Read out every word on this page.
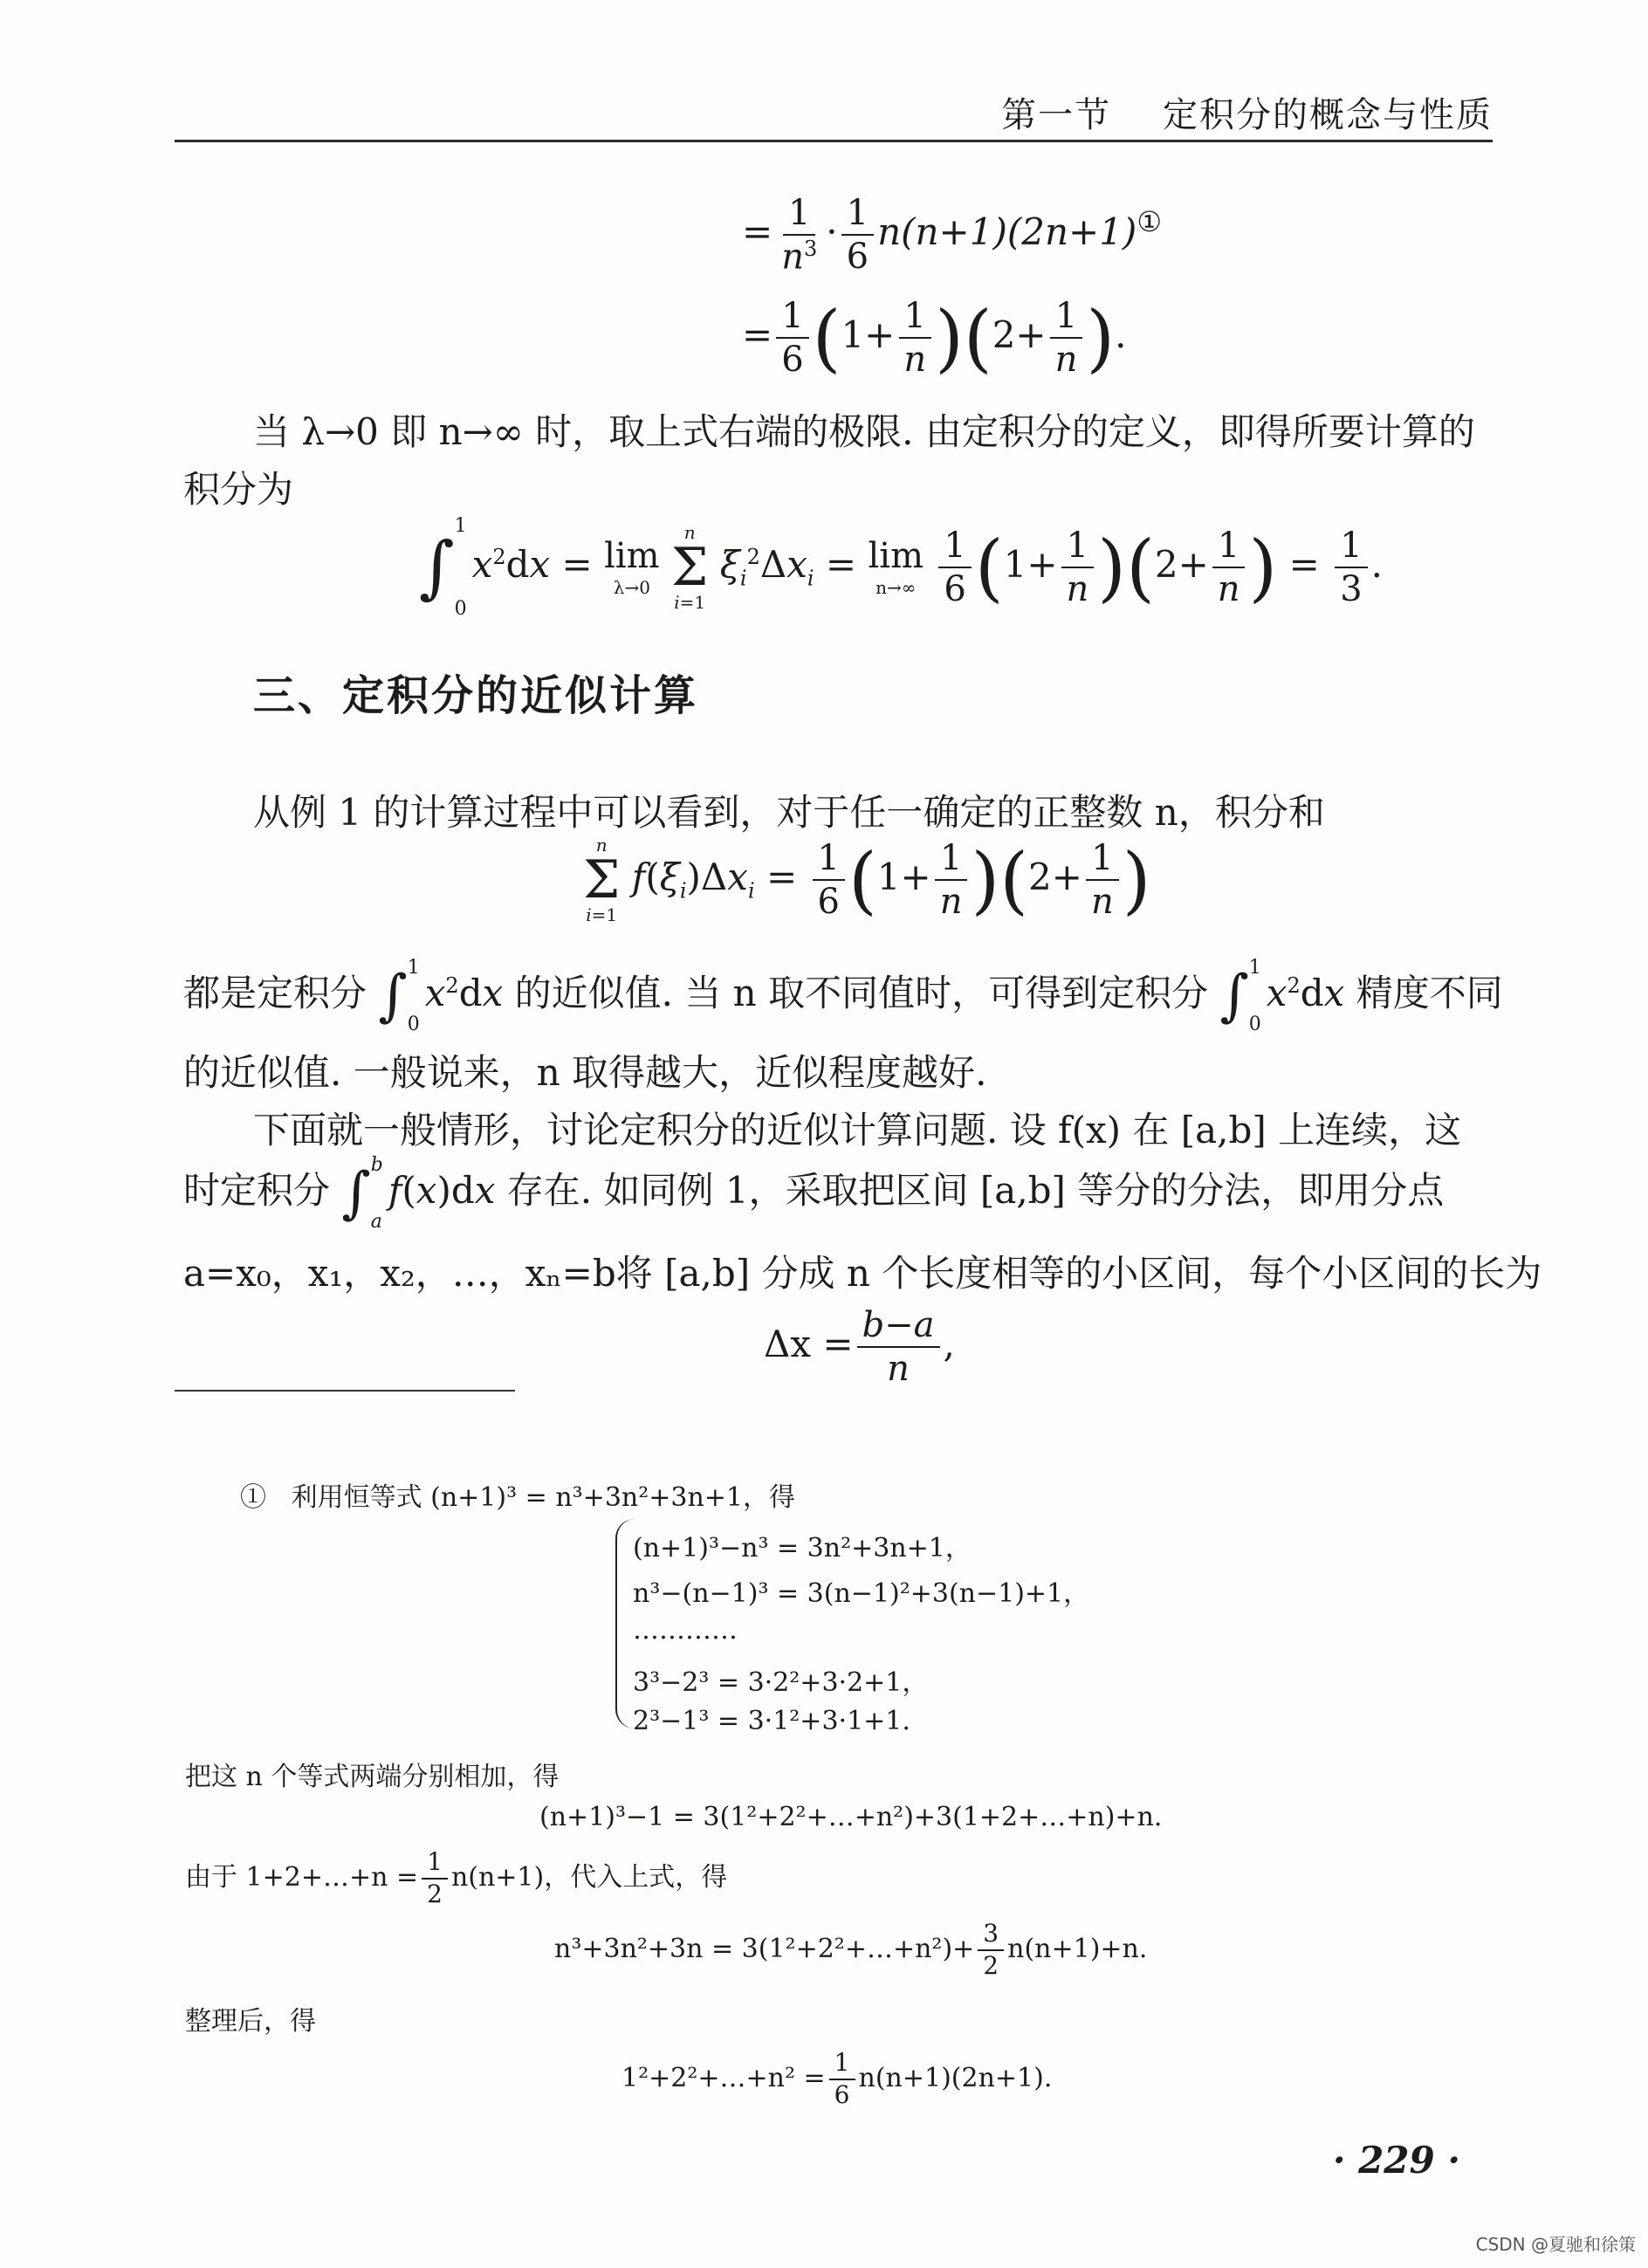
第一节 定积分的概念与性质
= $\frac{1}{n^3} \cdot \frac{1}{6} n(n+1)(2n+1)^①$
= $\frac{1}{6} (1+ \frac{1}{n} )(2+ \frac{1}{n}$ ).
当 λ→0 即 n→∞ 时，取上式右端的极限. 由定积分的定义，即得所要计算的
积分为
∫
1
0
$x^2dx = \lim$
λ→0

n
Σ
i=1
$\xi_i^2\Delta x_i = \lim$
n→∞
$\frac{1}{6} (1+ \frac{1}{n} )(2+ \frac{1}{n}$ ) = $\frac{1}{3}$ .
三、定积分的近似计算
从例 1 的计算过程中可以看到，对于任一确定的正整数 n，积分和
n
Σ
i=1
$f(\xi_i)\Delta x_i = \frac{1}{6} (1+ \frac{1}{n} )(2+ \frac{1}{n}$ )
都是定积分 ∫ 1
0
$x^2dx$ 的近似值. 当 n 取不同值时，可得到定积分 ∫ 1
0
$x^2dx$ 精度不同
的近似值. 一般说来，n 取得越大，近似程度越好.
下面就一般情形，讨论定积分的近似计算问题. 设 f(x) 在 [a,b] 上连续，这
时定积分 ∫ b
a
f(x)dx 存在. 如同例 1，采取把区间 [a,b] 等分的分法，即用分点
a=x₀，x₁，x₂，…，xₙ=b将 [a,b] 分成 n 个长度相等的小区间，每个小区间的长为
$\Delta x = \frac{b-a}{n}$ ,
① 利用恒等式 (n+1)³ = n³+3n²+3n+1，得
(n+1)³−n³ = 3n²+3n+1，
n³−(n−1)³ = 3(n−1)²+3(n−1)+1，
…………
3³−2³ = 3·2²+3·2+1，
2³−1³ = 3·1²+3·1+1.
把这 n 个等式两端分别相加，得
(n+1)³−1 = 3(1²+2²+…+n²)+3(1+2+…+n)+n.
由于 1+2+…+n = $\frac{1}{2} n(n+1)$，代入上式，得
n³+3n²+3n = 3(1²+2²+…+n²)+ $\frac{3}{2} n(n+1)+n$.
整理后，得
1²+2²+…+n² = $\frac{1}{6} n(n+1)(2n+1)$.
· 229 ·
CSDN @夏驰和徐策
